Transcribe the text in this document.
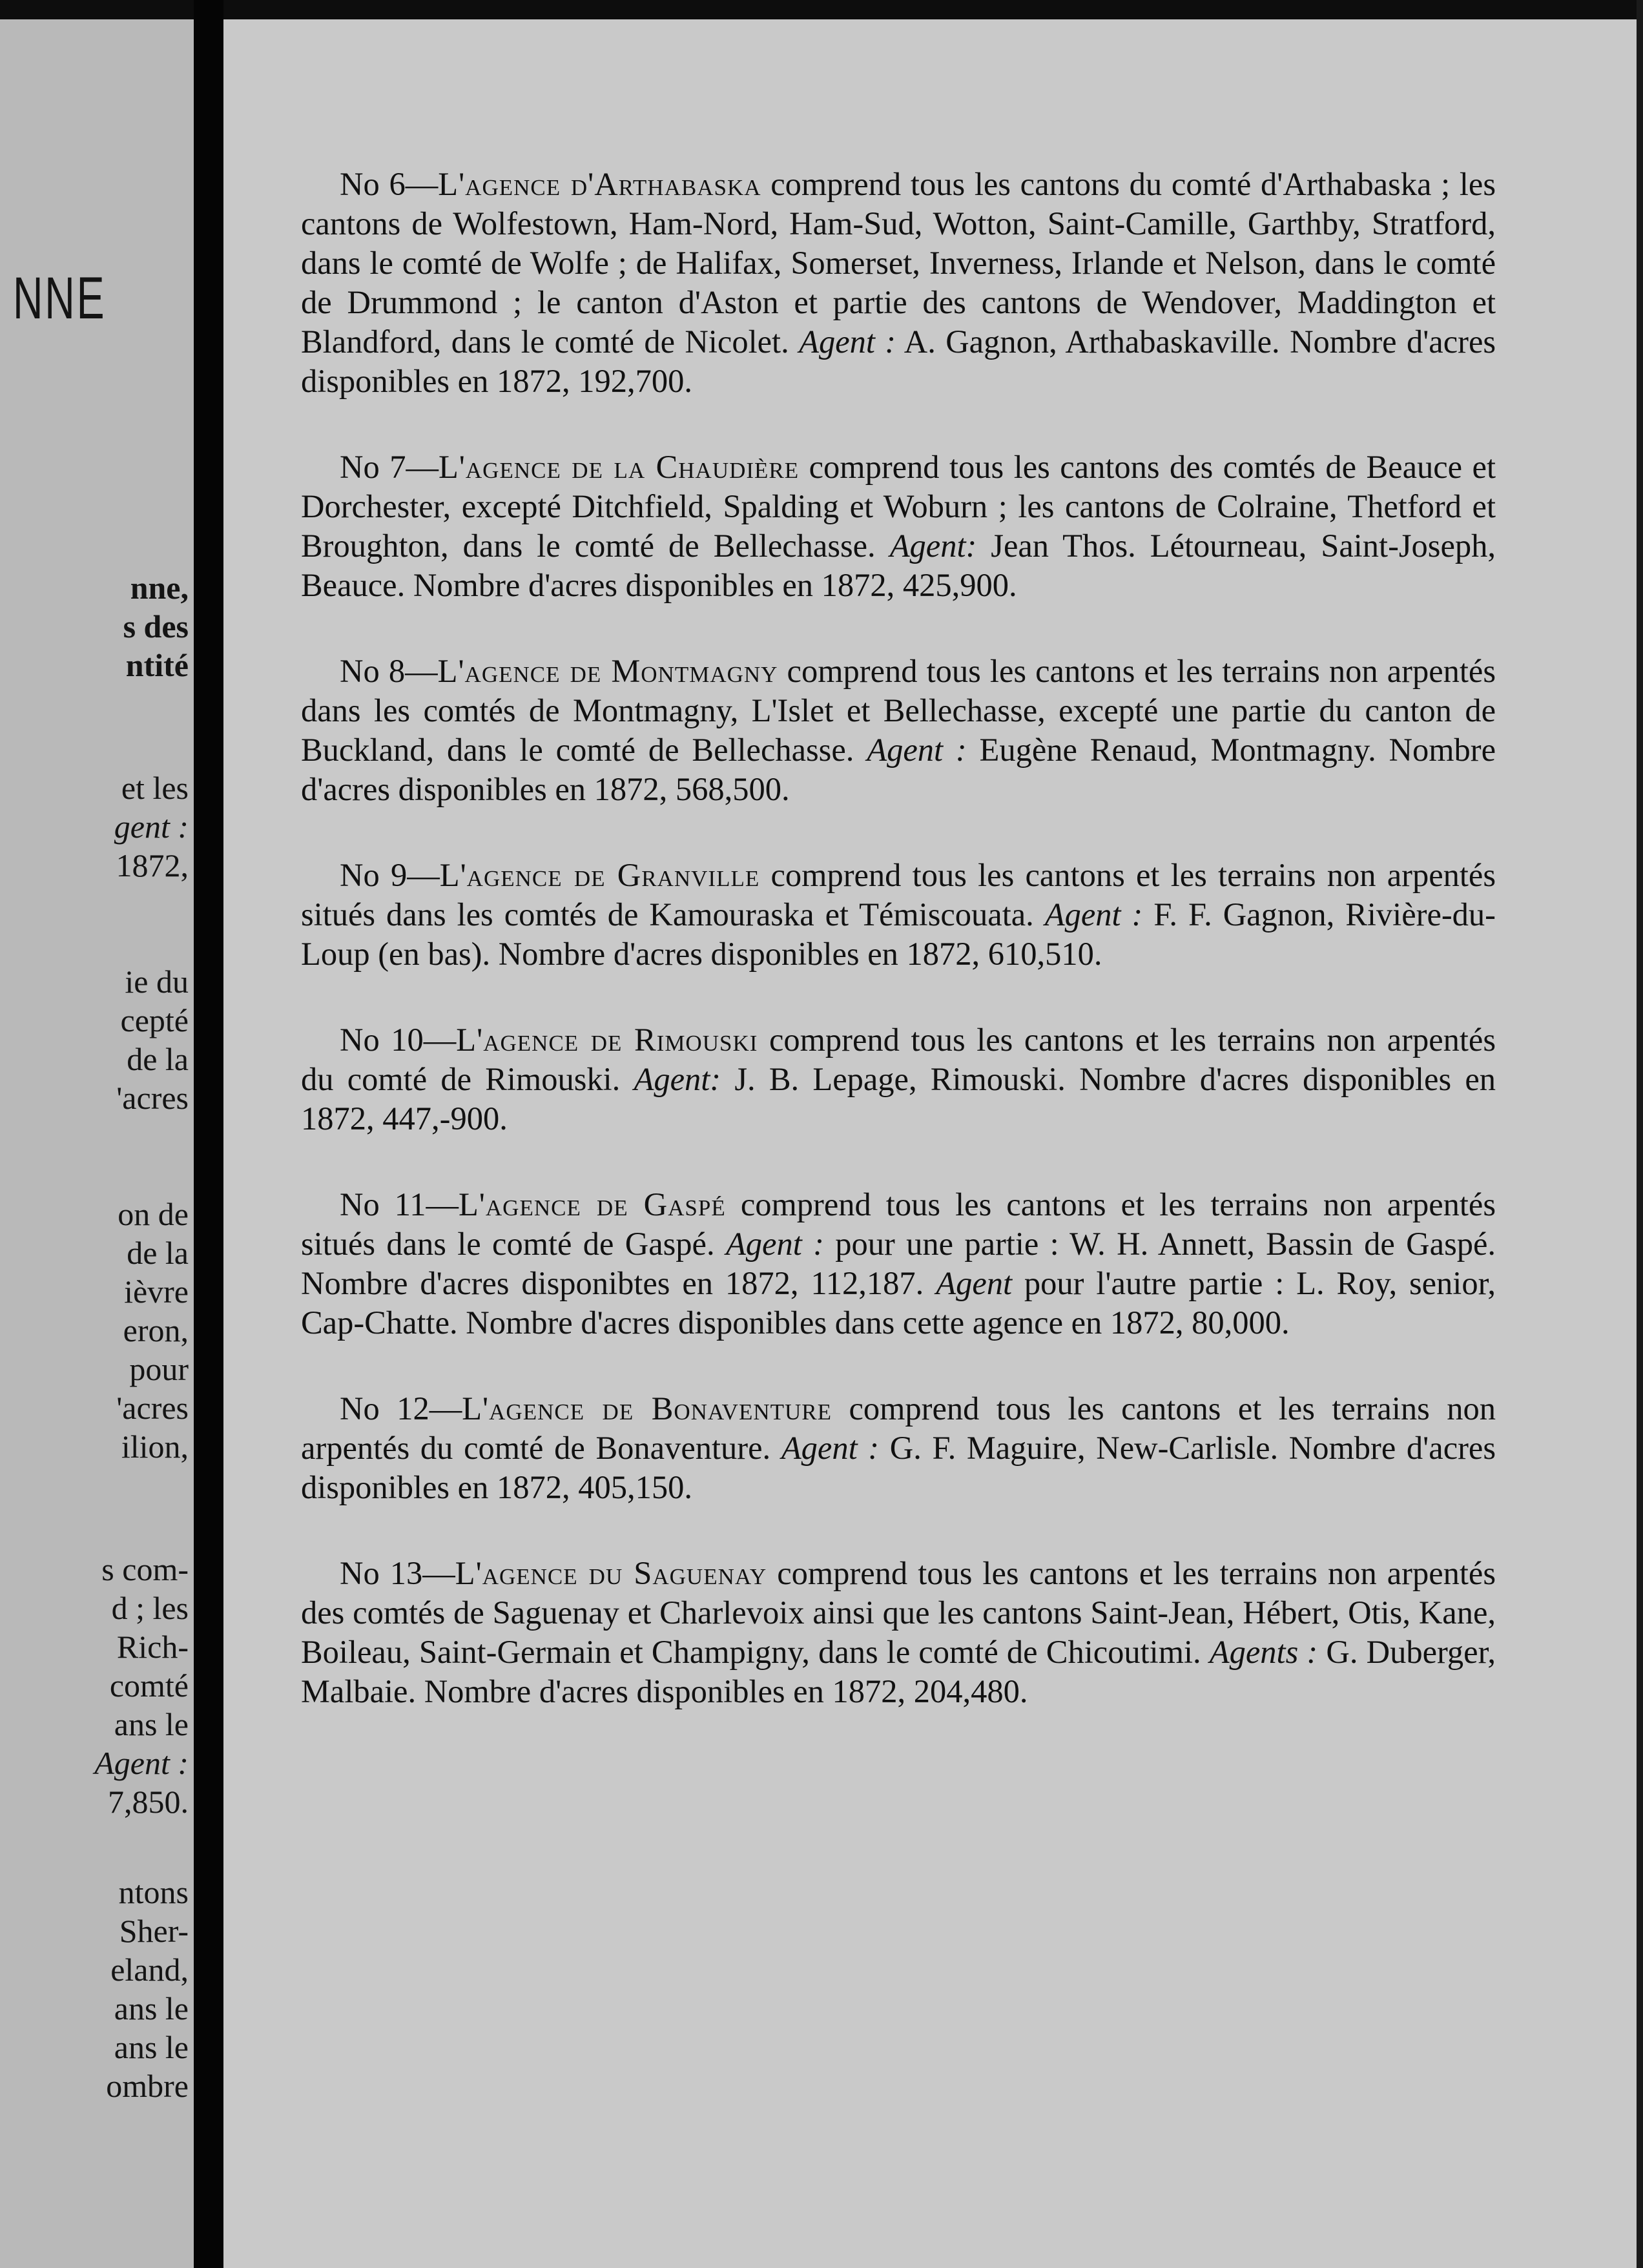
NNE
nne,
s des
ntité
et les
gent :
1872,
ie du
cepté
de la
'acres
on de
de la
ièvre
eron,
pour
'acres
ilion,
s com-
d ; les
Rich-
comté
ans le
Agent :
7,850.
ntons
Sher-
eland,
ans le
ans le
ombre

No 6—L'agence d'Arthabaska comprend tous les cantons du comté d'Arthabaska ; les cantons de Wolfestown, Ham-Nord, Ham-Sud, Wotton, Saint-Camille, Garthby, Stratford, dans le comté de Wolfe ; de Halifax, Somerset, Inverness, Irlande et Nelson, dans le comté de Drummond ; le canton d'Aston et partie des cantons de Wendover, Maddington et Blandford, dans le comté de Nicolet. Agent : A. Gagnon, Arthabaskaville. Nombre d'acres disponibles en 1872, 192,700.

No 7—L'agence de la Chaudière comprend tous les cantons des comtés de Beauce et Dorchester, excepté Ditchfield, Spalding et Woburn ; les cantons de Colraine, Thetford et Broughton, dans le comté de Bellechasse. Agent: Jean Thos. Létourneau, Saint-Joseph, Beauce. Nombre d'acres disponibles en 1872, 425,900.

No 8—L'agence de Montmagny comprend tous les cantons et les terrains non arpentés dans les comtés de Montmagny, L'Islet et Bellechasse, excepté une partie du canton de Buckland, dans le comté de Bellechasse. Agent : Eugène Renaud, Montmagny. Nombre d'acres disponibles en 1872, 568,500.

No 9—L'agence de Granville comprend tous les cantons et les terrains non arpentés situés dans les comtés de Kamouraska et Témiscouata. Agent : F. F. Gagnon, Rivière-du-Loup (en bas). Nombre d'acres disponibles en 1872, 610,510.

No 10—L'agence de Rimouski comprend tous les cantons et les terrains non arpentés du comté de Rimouski. Agent: J. B. Lepage, Rimouski. Nombre d'acres disponibles en 1872, 447,-900.

No 11—L'agence de Gaspé comprend tous les cantons et les terrains non arpentés situés dans le comté de Gaspé. Agent : pour une partie : W. H. Annett, Bassin de Gaspé. Nombre d'acres disponibtes en 1872, 112,187. Agent pour l'autre partie : L. Roy, senior, Cap-Chatte. Nombre d'acres disponibles dans cette agence en 1872, 80,000.

No 12—L'agence de Bonaventure comprend tous les cantons et les terrains non arpentés du comté de Bonaventure. Agent : G. F. Maguire, New-Carlisle. Nombre d'acres disponibles en 1872, 405,150.

No 13—L'agence du Saguenay comprend tous les cantons et les terrains non arpentés des comtés de Saguenay et Charlevoix ainsi que les cantons Saint-Jean, Hébert, Otis, Kane, Boileau, Saint-Germain et Champigny, dans le comté de Chicoutimi. Agents : G. Duberger, Malbaie. Nombre d'acres disponibles en 1872, 204,480.
